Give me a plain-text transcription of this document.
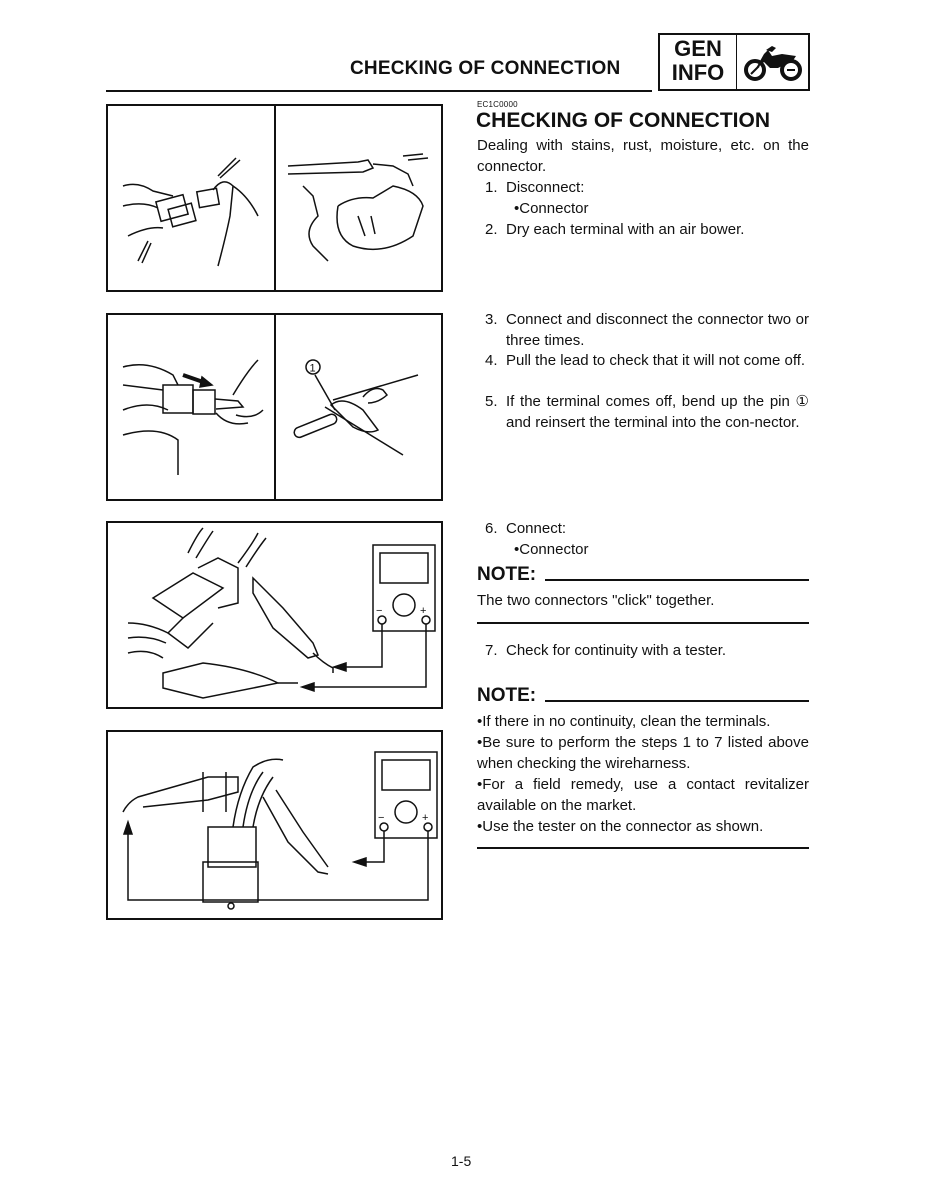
CHECKING OF CONNECTION
GEN
INFO
1
−	+
−	+
EC1C0000
CHECKING OF CONNECTION
Dealing with stains, rust, moisture, etc. on the connector.
1. Disconnect:
•Connector
2. Dry each terminal with an air bower.
3. Connect and disconnect the connector two or three times.
4. Pull the lead to check that it will not come off.
5. If the terminal comes off, bend up the pin ① and reinsert the terminal into the con-nector.
6. Connect:
•Connector
NOTE:
The two connectors "click" together.
7. Check for continuity with a tester.
NOTE:
•If there in no continuity, clean the terminals.
•Be sure to perform the steps 1 to 7 listed above when checking the wireharness.
•For a field remedy, use a contact revitalizer available on the market.
•Use the tester on the connector as shown.
1-5
